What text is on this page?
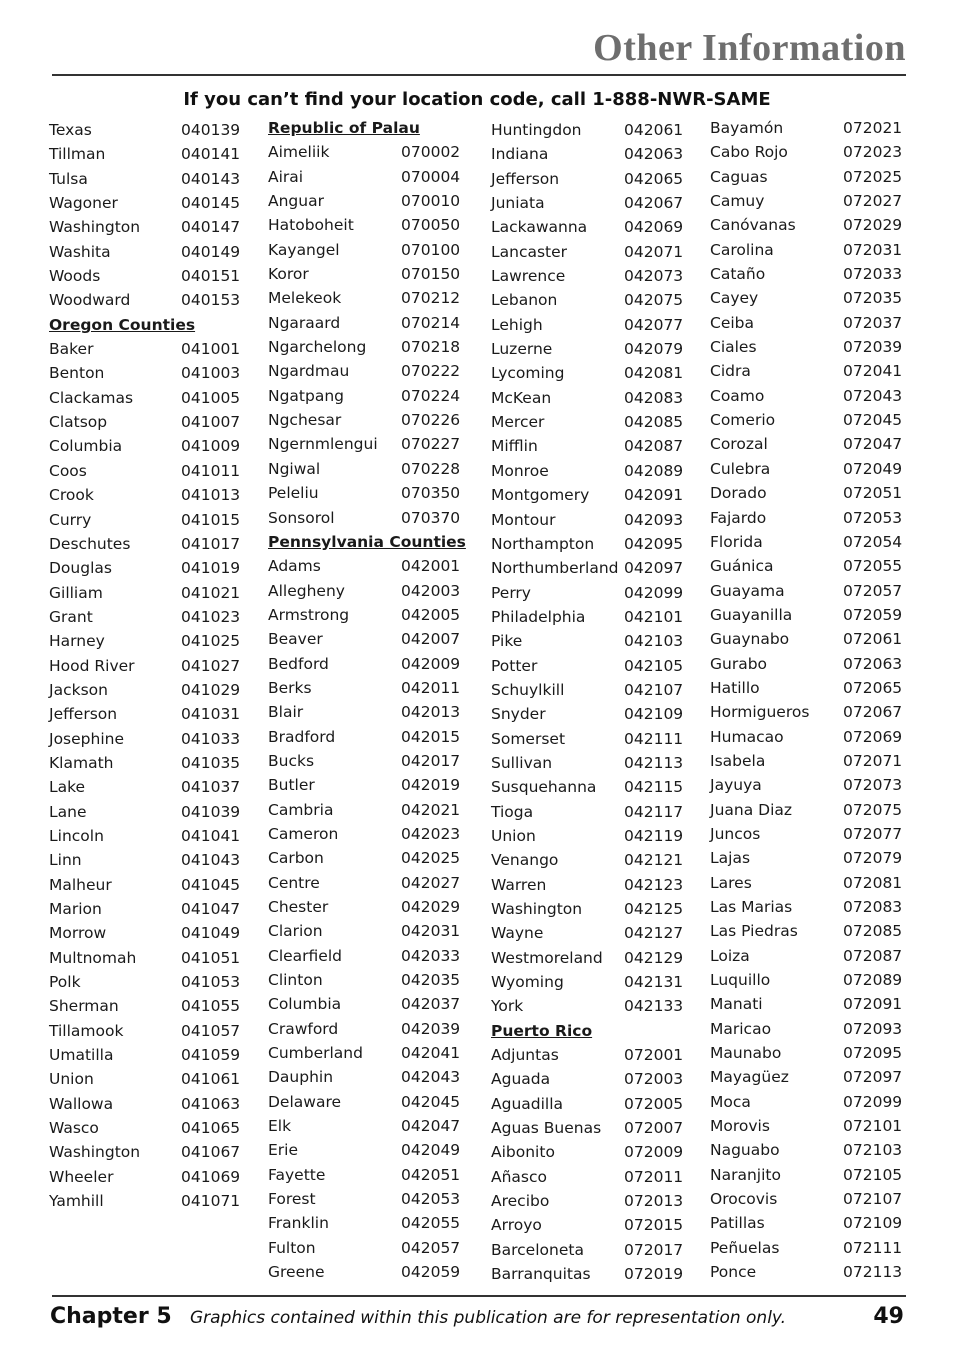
Other Information
If you can’t find your location code, call 1-888-NWR-SAME
Texas	040139
Tillman	040141
Tulsa	040143
Wagoner	040145
Washington	040147
Washita	040149
Woods	040151
Woodward	040153
Oregon Counties
Baker	041001
Benton	041003
Clackamas	041005
Clatsop	041007
Columbia	041009
Coos	041011
Crook	041013
Curry	041015
Deschutes	041017
Douglas	041019
Gilliam	041021
Grant	041023
Harney	041025
Hood River	041027
Jackson	041029
Jefferson	041031
Josephine	041033
Klamath	041035
Lake	041037
Lane	041039
Lincoln	041041
Linn	041043
Malheur	041045
Marion	041047
Morrow	041049
Multnomah	041051
Polk	041053
Sherman	041055
Tillamook	041057
Umatilla	041059
Union	041061
Wallowa	041063
Wasco	041065
Washington	041067
Wheeler	041069
Yamhill	041071
Republic of Palau
Aimeliik	070002
Airai	070004
Anguar	070010
Hatoboheit	070050
Kayangel	070100
Koror	070150
Melekeok	070212
Ngaraard	070214
Ngarchelong 070218
Ngardmau	070222
Ngatpang	070224
Ngchesar	070226
Ngernmlengui 070227
Ngiwal	070228
Peleliu	070350
Sonsorol	070370
Pennsylvania Counties
Adams	042001
Allegheny	042003
Armstrong	042005
Beaver	042007
Bedford	042009
Berks	042011
Blair	042013
Bradford	042015
Bucks	042017
Butler	042019
Cambria	042021
Cameron	042023
Carbon	042025
Centre	042027
Chester	042029
Clarion	042031
Clearfield	042033
Clinton	042035
Columbia	042037
Crawford	042039
Cumberland 042041
Dauphin	042043
Delaware	042045
Elk	042047
Erie	042049
Fayette	042051
Forest	042053
Franklin	042055
Fulton	042057
Greene	042059
Huntingdon	042061
Indiana	042063
Jefferson	042065
Juniata	042067
Lackawanna 042069
Lancaster	042071
Lawrence	042073
Lebanon	042075
Lehigh	042077
Luzerne	042079
Lycoming	042081
McKean	042083
Mercer	042085
Mifflin	042087
Monroe	042089
Montgomery 042091
Montour	042093
Northampton 042095
Northumberland 042097
Perry	042099
Philadelphia 042101
Pike	042103
Potter	042105
Schuylkill	042107
Snyder	042109
Somerset	042111
Sullivan	042113
Susquehanna 042115
Tioga	042117
Union	042119
Venango	042121
Warren	042123
Washington	042125
Wayne	042127
Westmoreland 042129
Wyoming	042131
York	042133
Puerto Rico
Adjuntas	072001
Aguada	072003
Aguadilla	072005
Aguas Buenas 072007
Aibonito	072009
Añasco	072011
Arecibo	072013
Arroyo	072015
Barceloneta	072017
Barranquitas 072019
Bayamón	072021
Cabo Rojo	072023
Caguas	072025
Camuy	072027
Canóvanas	072029
Carolina	072031
Cataño	072033
Cayey	072035
Ceiba	072037
Ciales	072039
Cidra	072041
Coamo	072043
Comerio	072045
Corozal	072047
Culebra	072049
Dorado	072051
Fajardo	072053
Florida	072054
Guánica	072055
Guayama	072057
Guayanilla	072059
Guaynabo	072061
Gurabo	072063
Hatillo	072065
Hormigueros 072067
Humacao	072069
Isabela	072071
Jayuya	072073
Juana Diaz	072075
Juncos	072077
Lajas	072079
Lares	072081
Las Marias	072083
Las Piedras	072085
Loiza	072087
Luquillo	072089
Manati	072091
Maricao	072093
Maunabo	072095
Mayagüez	072097
Moca	072099
Morovis	072101
Naguabo	072103
Naranjito	072105
Orocovis	072107
Patillas	072109
Peñuelas	072111
Ponce	072113
Chapter 5 Graphics contained within this publication are for representation only.	49
